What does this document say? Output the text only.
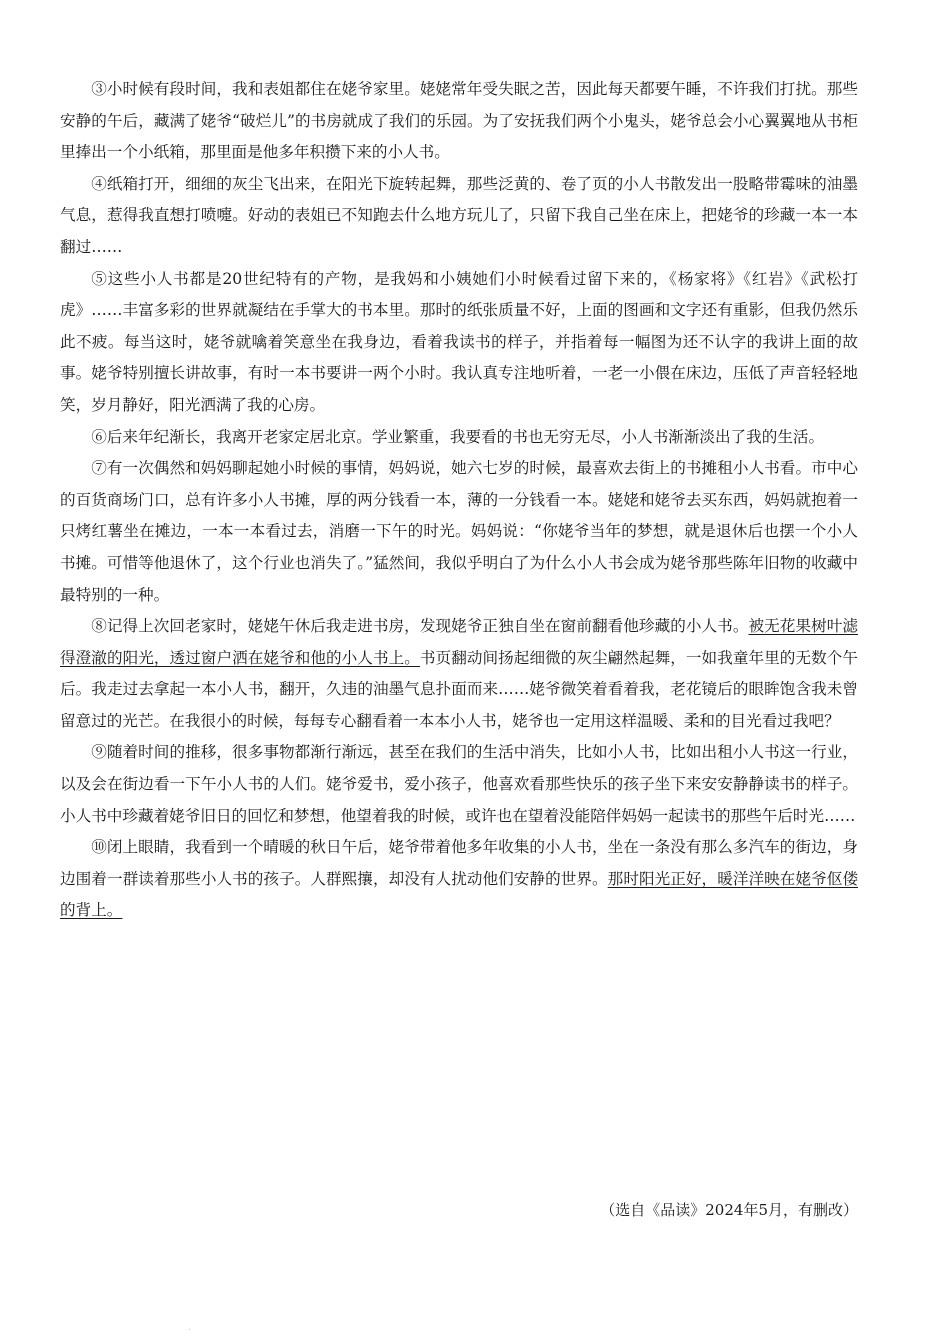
③小时候有段时间，我和表姐都住在姥爷家里。姥姥常年受失眠之苦，因此每天都要午睡，不许我们打扰。那些安静的午后，藏满了姥爷“破烂儿”的书房就成了我们的乐园。为了安抚我们两个小鬼头，姥爷总会小心翼翼地从书柜里捧出一个小纸箱，那里面是他多年积攒下来的小人书。

④纸箱打开，细细的灰尘飞出来，在阳光下旋转起舞，那些泛黄的、卷了页的小人书散发出一股略带霉味的油墨气息，惹得我直想打喷嚏。好动的表姐已不知跑去什么地方玩儿了，只留下我自己坐在床上，把姥爷的珍藏一本一本翻过……

⑤这些小人书都是20世纪特有的产物，是我妈和小姨她们小时候看过留下来的，《杨家将》《红岩》《武松打虎》……丰富多彩的世界就凝结在手掌大的书本里。那时的纸张质量不好，上面的图画和文字还有重影，但我仍然乐此不疲。每当这时，姥爷就噙着笑意坐在我身边，看着我读书的样子，并指着每一幅图为还不认字的我讲上面的故事。姥爷特别擅长讲故事，有时一本书要讲一两个小时。我认真专注地听着，一老一小偎在床边，压低了声音轻轻地笑，岁月静好，阳光洒满了我的心房。

⑥后来年纪渐长，我离开老家定居北京。学业繁重，我要看的书也无穷无尽，小人书渐渐淡出了我的生活。

⑦有一次偶然和妈妈聊起她小时候的事情，妈妈说，她六七岁的时候，最喜欢去街上的书摊租小人书看。市中心的百货商场门口，总有许多小人书摊，厚的两分钱看一本，薄的一分钱看一本。姥姥和姥爷去买东西，妈妈就抱着一只烤红薯坐在摊边，一本一本看过去，消磨一下午的时光。妈妈说：“你姥爷当年的梦想，就是退休后也摆一个小人书摊。可惜等他退休了，这个行业也消失了。”猛然间，我似乎明白了为什么小人书会成为姥爷那些陈年旧物的收藏中最特别的一种。

⑧记得上次回老家时，姥姥午休后我走进书房，发现姥爷正独自坐在窗前翻看他珍藏的小人书。被无花果树叶滤得澄澈的阳光，透过窗户洒在姥爷和他的小人书上。书页翻动间扬起细微的灰尘翩然起舞，一如我童年里的无数个午后。我走过去拿起一本小人书，翻开，久违的油墨气息扑面而来……姥爷微笑着看着我，老花镜后的眼眸饱含我未曾留意过的光芒。在我很小的时候，每每专心翻看着一本本小人书，姥爷也一定用这样温暖、柔和的目光看过我吧？

⑨随着时间的推移，很多事物都渐行渐远，甚至在我们的生活中消失，比如小人书，比如出租小人书这一行业，以及会在街边看一下午小人书的人们。姥爷爱书，爱小孩子，他喜欢看那些快乐的孩子坐下来安安静静读书的样子。小人书中珍藏着姥爷旧日的回忆和梦想，他望着我的时候，或许也在望着没能陪伴妈妈一起读书的那些午后时光……

⑩闭上眼睛，我看到一个晴暖的秋日午后，姥爷带着他多年收集的小人书，坐在一条没有那么多汽车的街边，身边围着一群读着那些小人书的孩子。人群熙攘，却没有人扰动他们安静的世界。那时阳光正好，暖洋洋映在姥爷伛偻的背上。

（选自《品读》2024年5月，有删改）
·
